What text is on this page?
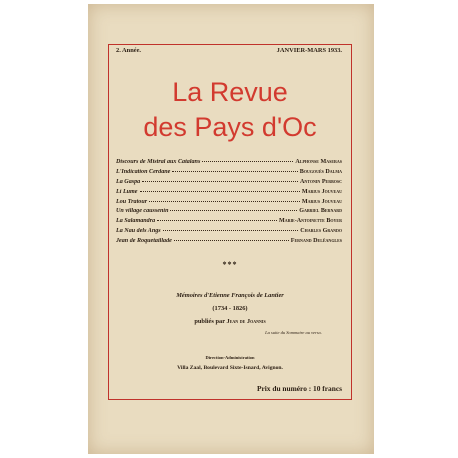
2. Année.	JANVIER-MARS 1933.
La Revue
des Pays d'Oc
Discours de Mistral aux Catalans	Alphonse Maseras
L'Indication Cerdane	Bougouès Dalma
La Gaspa	Antonin Perbosc
Li Lume	Marius Jouveau
Lou Tratour	Marius Jouveau
Un village caussenin	Gabriel Bernard
La Salamandra	Marie-Antoinette Boyer
La Nau dels Angs	Charles Grando
Jean de Roquetaillade	Fernand Delêangles
***
Mémoires d'Etienne François de Lantier
(1734 - 1826)
publiés par Jean de Joannis
La suite du Sommaire au verso.
Direction-Administration
Villa Zaal, Boulevard Sixte-Isnard, Avignon.
Prix du numéro : 10 francs
